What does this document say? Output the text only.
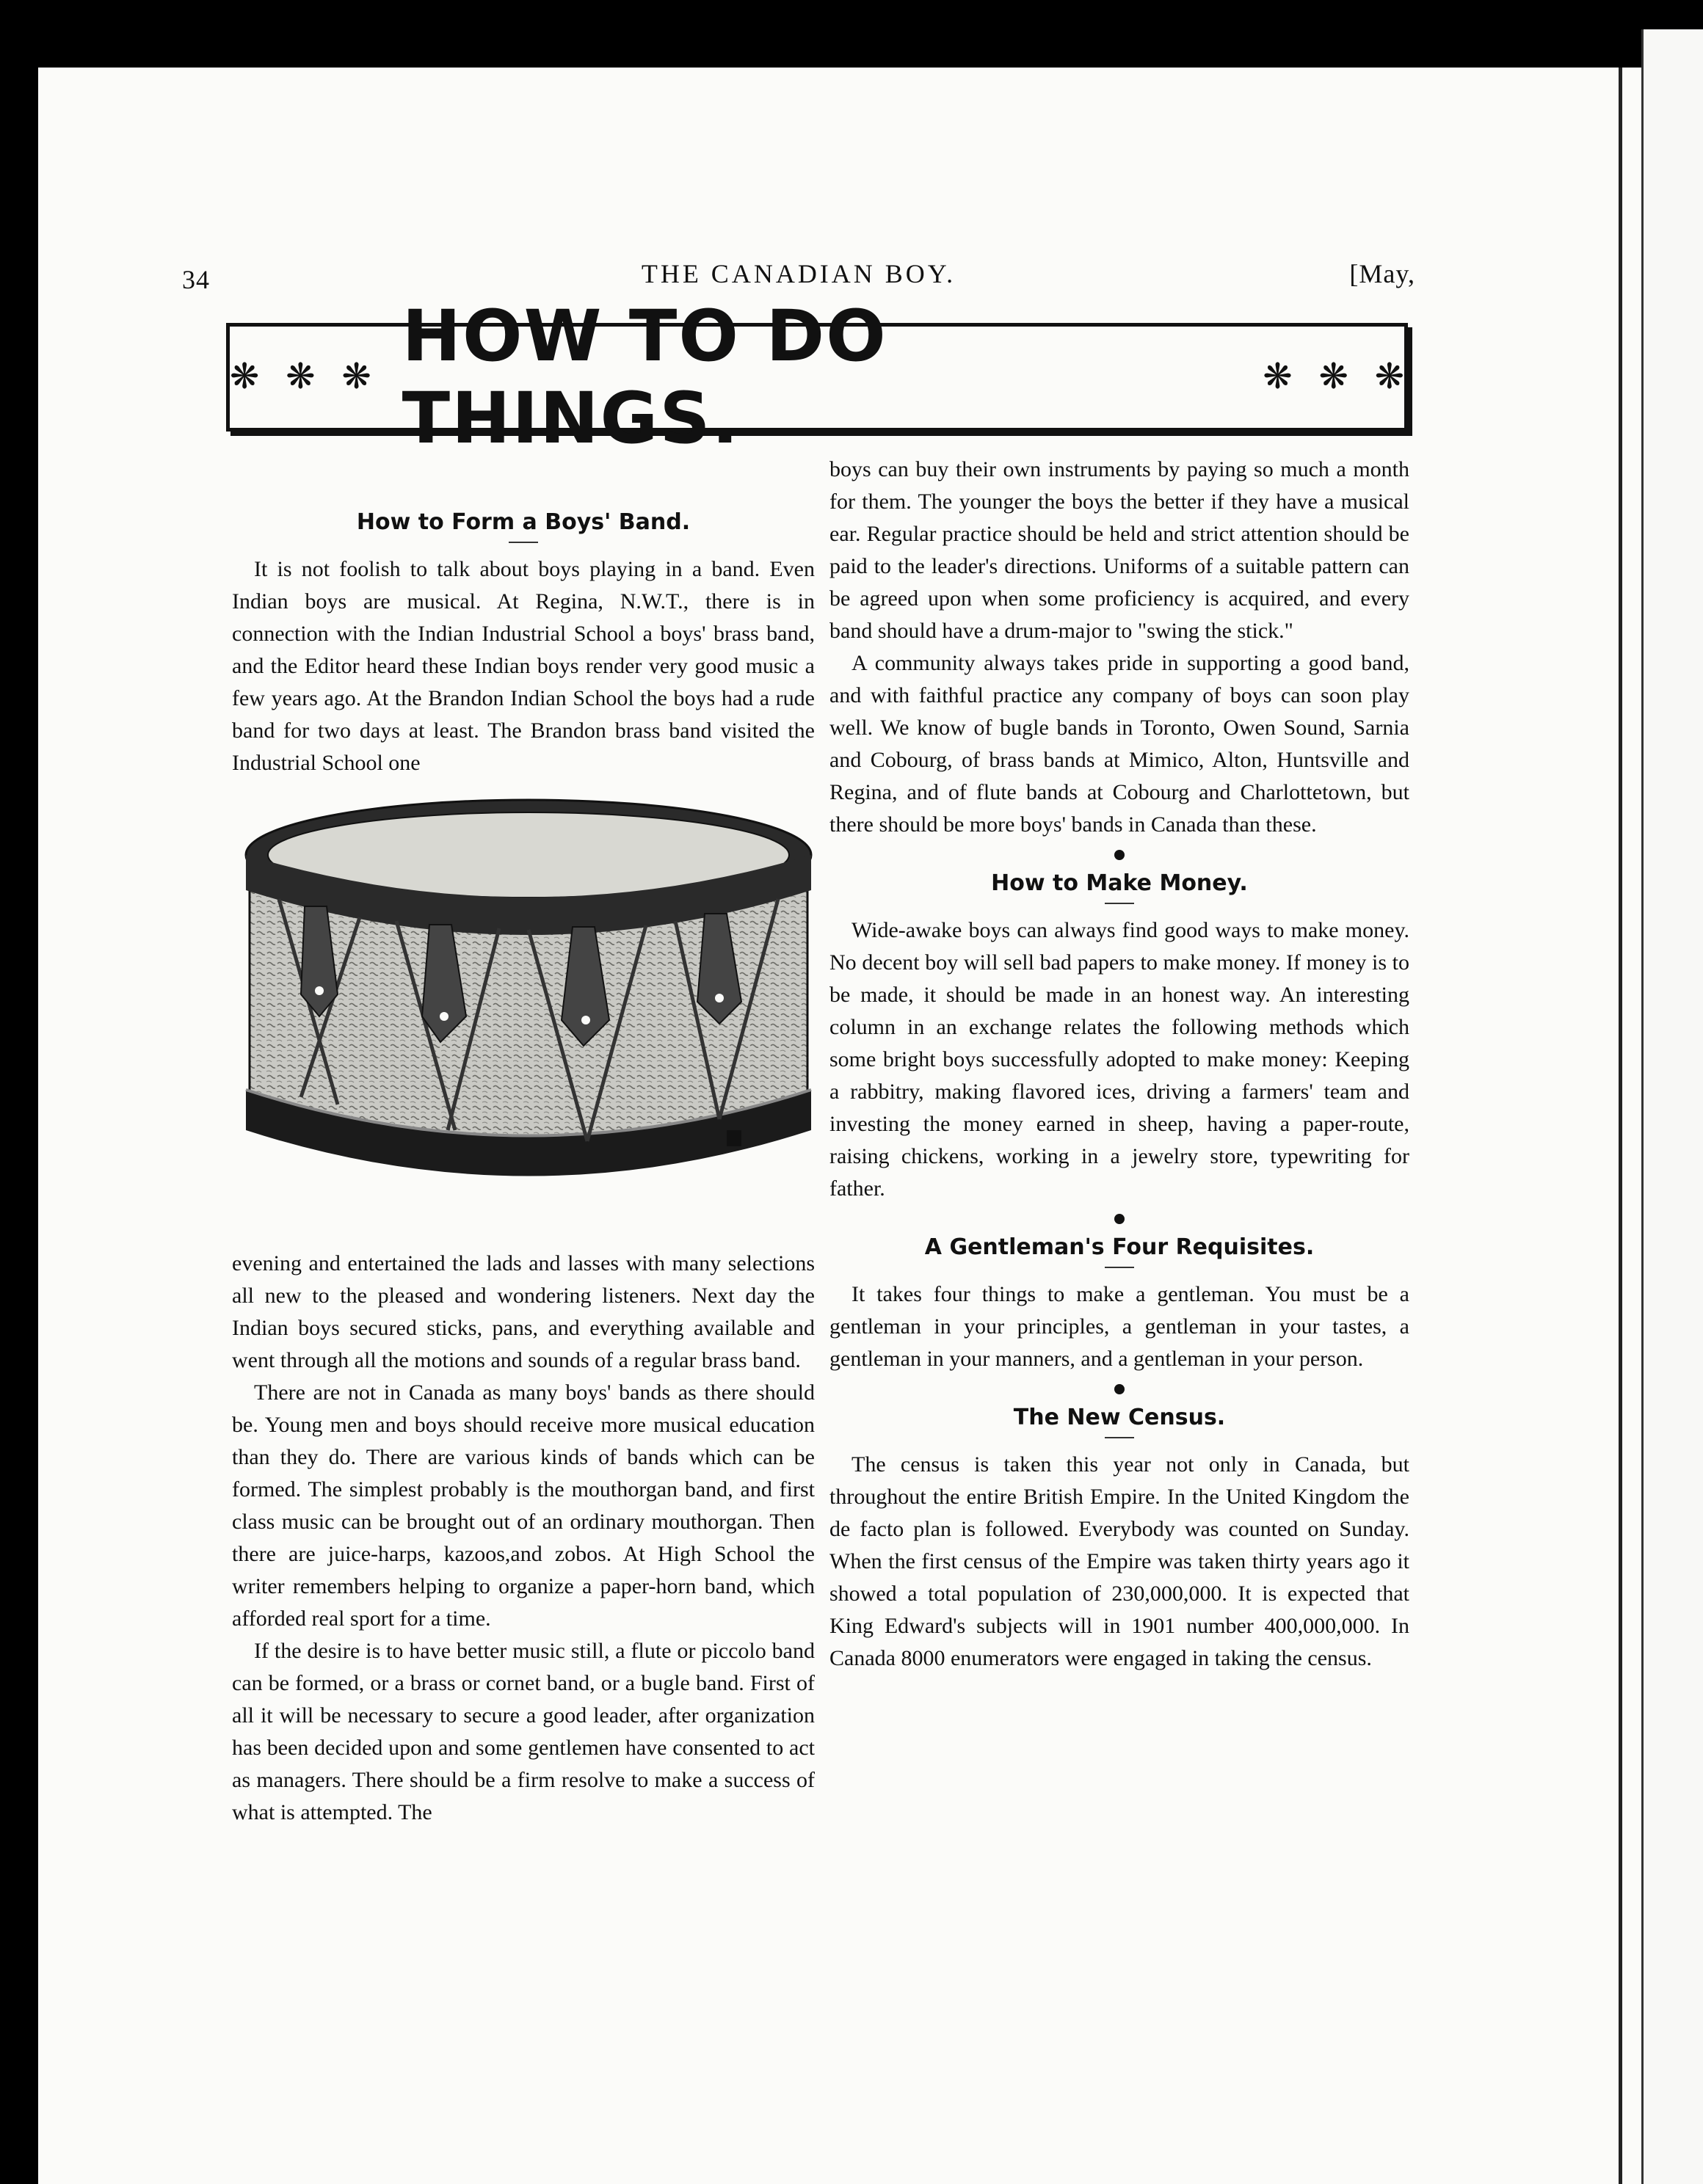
34	THE CANADIAN BOY.	[May,
❋ ❋ ❋ HOW TO DO THINGS.
❋ ❋ ❋
How to Form a Boys' Band.

It is not foolish to talk about boys playing in a band. Even Indian boys are musical. At Regina, N.W.T., there is in connection with the Indian Industrial School a boys' brass band, and the Editor heard these Indian boys render very good music a few years ago. At the Brandon Indian School the boys had a rude band for two days at least. The Brandon brass band visited the Industrial School one

evening and entertained the lads and lasses with many selections all new to the pleased and wondering listeners. Next day the Indian boys secured sticks, pans, and everything available and went through all the motions and sounds of a regular brass band.

There are not in Canada as many boys' bands as there should be. Young men and boys should receive more musical education than they do. There are various kinds of bands which can be formed. The simplest probably is the mouthorgan band, and first class music can be brought out of an ordinary mouthorgan. Then there are juice-harps, kazoos,and zobos. At High School the writer remembers helping to organize a paper-horn band, which afforded real sport for a time.

If the desire is to have better music still, a flute or piccolo band can be formed, or a brass or cornet band, or a bugle band. First of all it will be necessary to secure a good leader, after organization has been decided upon and some gentlemen have consented to act as managers. There should be a firm resolve to make a success of what is attempted. The

boys can buy their own instruments by paying so much a month for them. The younger the boys the better if they have a musical ear. Regular practice should be held and strict attention should be paid to the leader's directions. Uniforms of a suitable pattern can be agreed upon when some proficiency is acquired, and every band should have a drum-major to "swing the stick."

A community always takes pride in supporting a good band, and with faithful practice any company of boys can soon play well. We know of bugle bands in Toronto, Owen Sound, Sarnia and Cobourg, of brass bands at Mimico, Alton, Huntsville and Regina, and of flute bands at Cobourg and Charlottetown, but there should be more boys' bands in Canada than these.

How to Make Money.

Wide-awake boys can always find good ways to make money. No decent boy will sell bad papers to make money. If money is to be made, it should be made in an honest way. An interesting column in an exchange relates the following methods which some bright boys successfully adopted to make money: Keeping a rabbitry, making flavored ices, driving a farmers' team and investing the money earned in sheep, having a paper-route, raising chickens, working in a jewelry store, typewriting for father.

A Gentleman's Four Requisites.

It takes four things to make a gentleman. You must be a gentleman in your principles, a gentleman in your tastes, a gentleman in your manners, and a gentleman in your person.

The New Census.

The census is taken this year not only in Canada, but throughout the entire British Empire. In the United Kingdom the de facto plan is followed. Everybody was counted on Sunday. When the first census of the Empire was taken thirty years ago it showed a total population of 230,000,000. It is expected that King Edward's subjects will in 1901 number 400,000,000. In Canada 8000 enumerators were engaged in taking the census.
